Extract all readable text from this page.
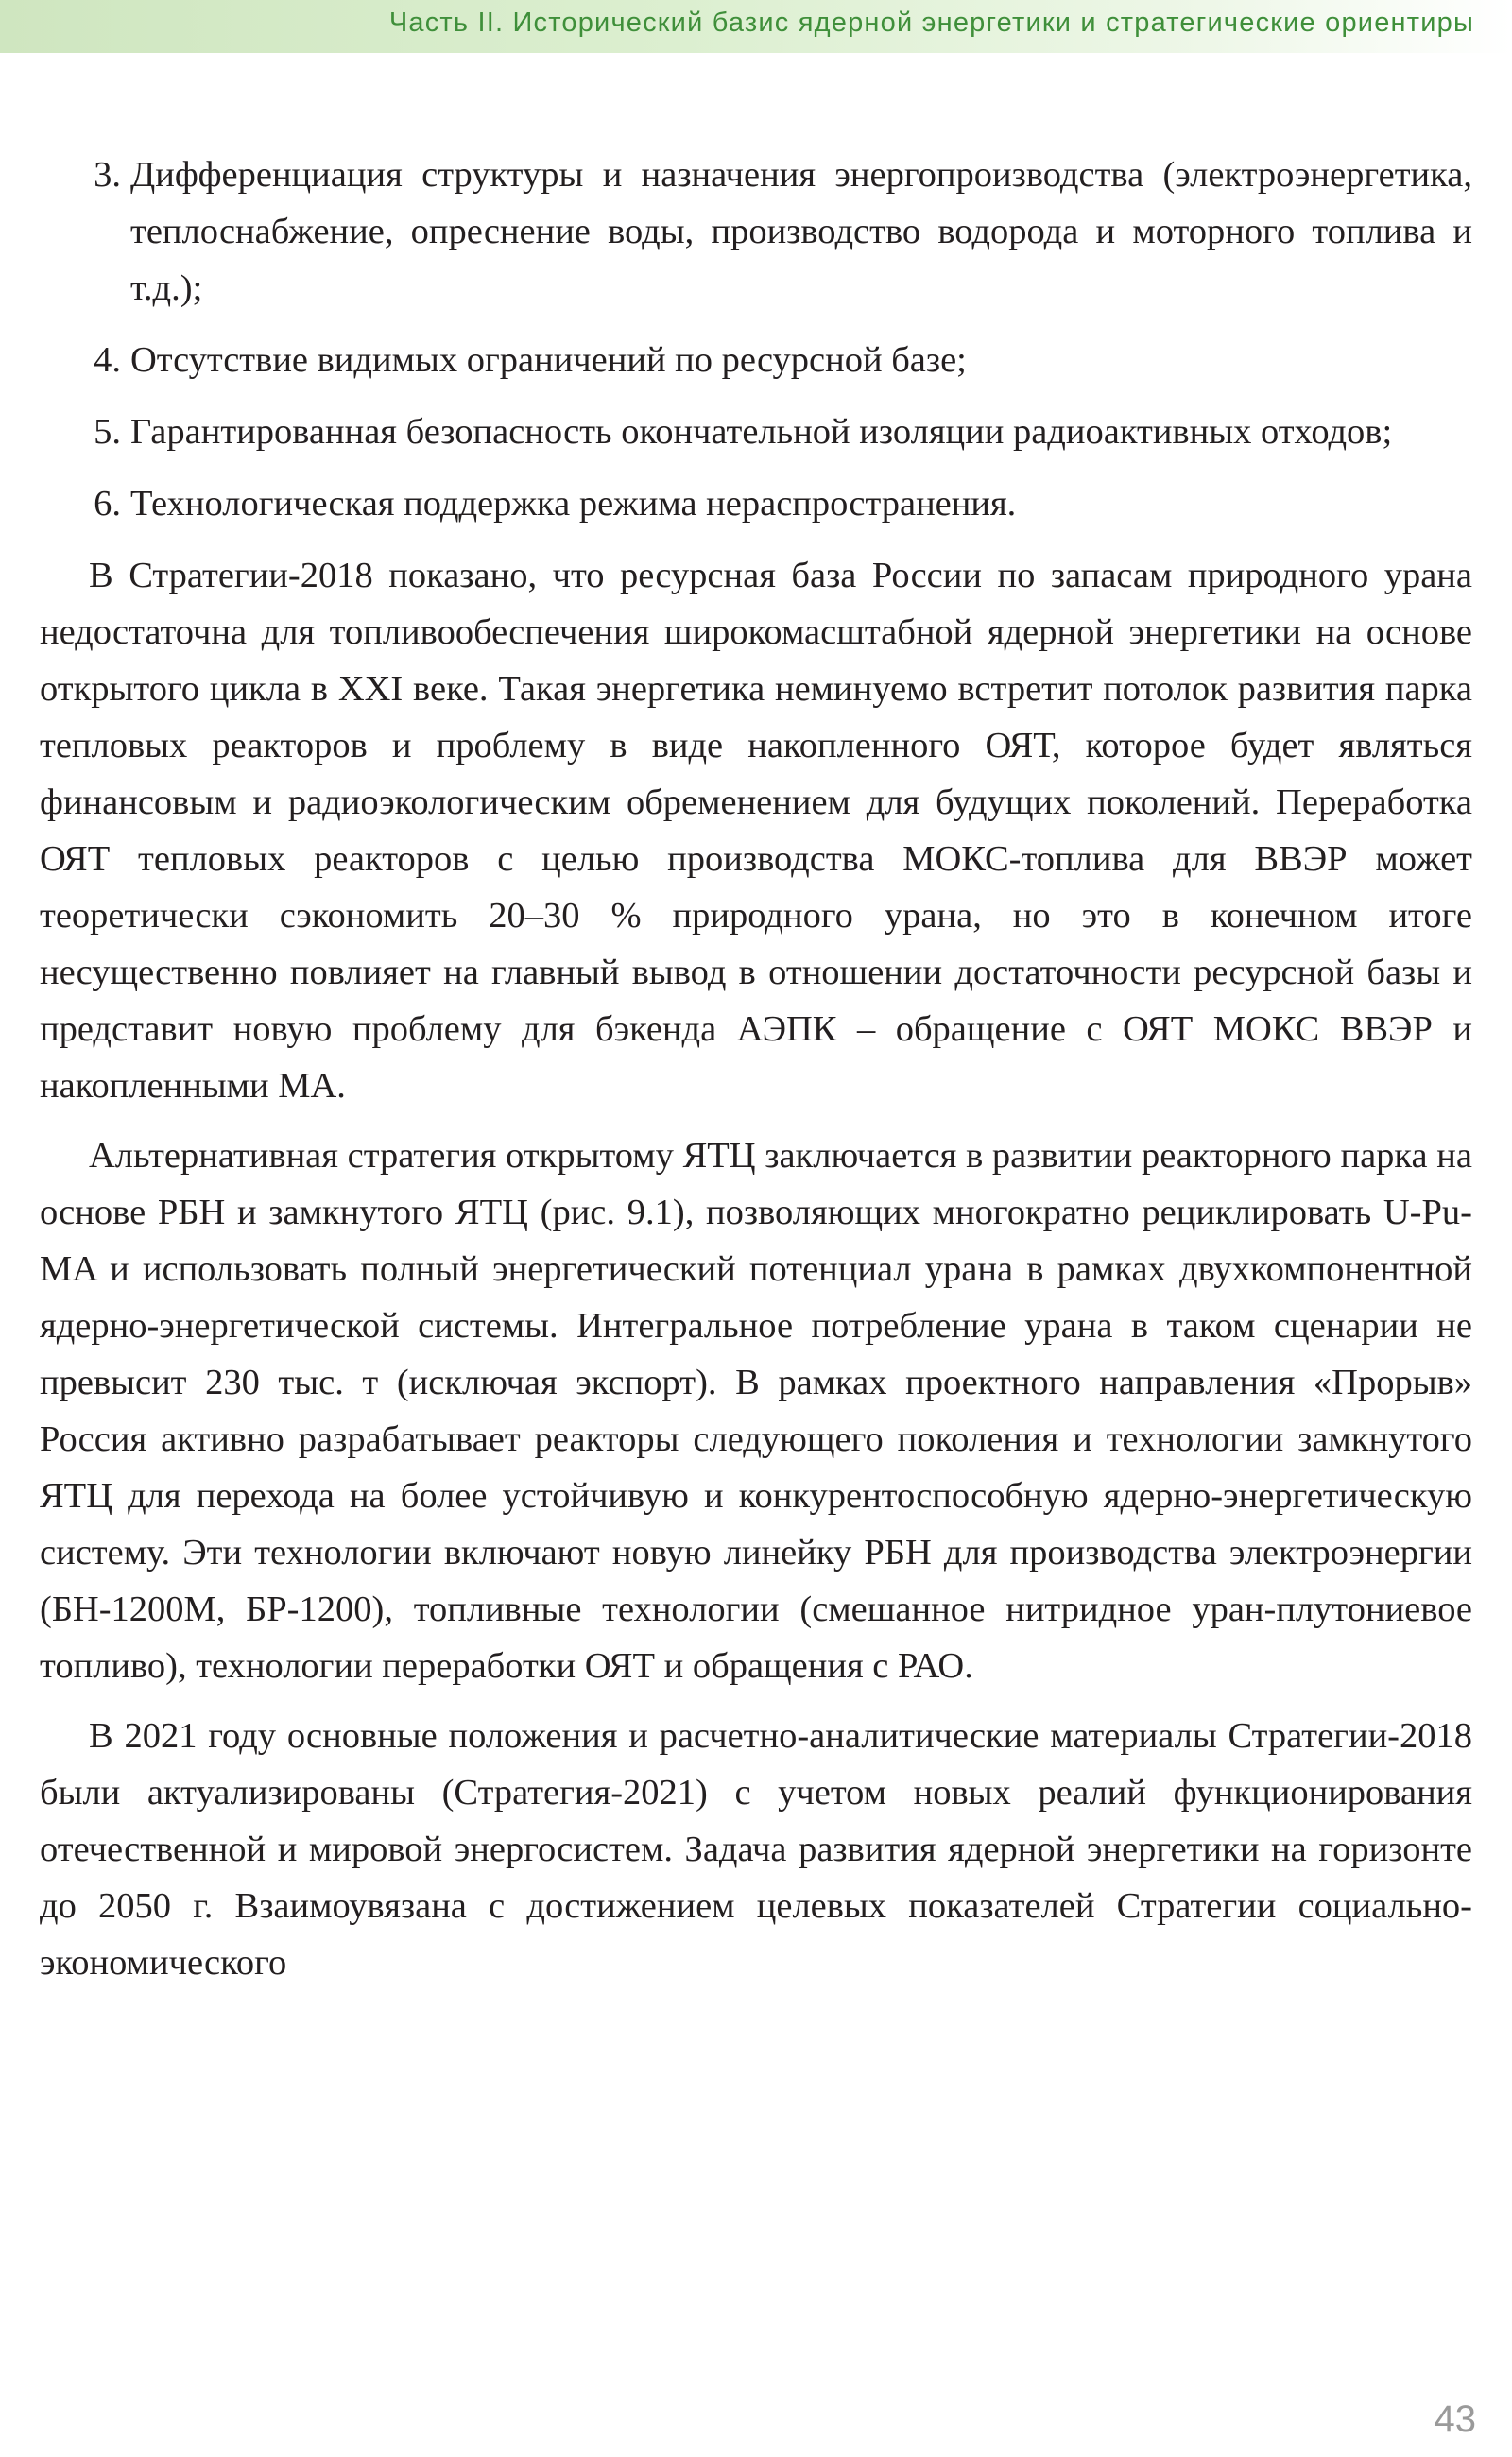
Часть II. Исторический базис ядерной энергетики и стратегические ориентиры
3. Дифференциация структуры и назначения энергопроизводства (электроэнергетика, теплоснабжение, опреснение воды, производство водорода и моторного топлива и т.д.);
4. Отсутствие видимых ограничений по ресурсной базе;
5. Гарантированная безопасность окончательной изоляции радиоактивных отходов;
6. Технологическая поддержка режима нераспространения.

В Стратегии-2018 показано, что ресурсная база России по запасам природного урана недостаточна для топливообеспечения широкомасштабной ядерной энергетики на основе открытого цикла в XXI веке. Такая энергетика неминуемо встретит потолок развития парка тепловых реакторов и проблему в виде накопленного ОЯТ, которое будет являться финансовым и радиоэкологическим обременением для будущих поколений. Переработка ОЯТ тепловых реакторов с целью производства МОКС-топлива для ВВЭР может теоретически сэкономить 20–30 % природного урана, но это в конечном итоге несущественно повлияет на главный вывод в отношении достаточности ресурсной базы и представит новую проблему для бэкенда АЭПК – обращение с ОЯТ МОКС ВВЭР и накопленными МА.

Альтернативная стратегия открытому ЯТЦ заключается в развитии реакторного парка на основе РБН и замкнутого ЯТЦ (рис. 9.1), позволяющих многократно рециклировать U-Pu-MA и использовать полный энергетический потенциал урана в рамках двухкомпонентной ядерно-энергетической системы. Интегральное потребление урана в таком сценарии не превысит 230 тыс. т (исключая экспорт). В рамках проектного направления «Прорыв» Россия активно разрабатывает реакторы следующего поколения и технологии замкнутого ЯТЦ для перехода на более устойчивую и конкурентоспособную ядерно-энергетическую систему. Эти технологии включают новую линейку РБН для производства электроэнергии (БН-1200М, БР-1200), топливные технологии (смешанное нитридное уран-плутониевое топливо), технологии переработки ОЯТ и обращения с РАО.

В 2021 году основные положения и расчетно-аналитические материалы Стратегии-2018 были актуализированы (Стратегия-2021) с учетом новых реалий функционирования отечественной и мировой энергосистем. Задача развития ядерной энергетики на горизонте до 2050 г. Взаимоувязана с достижением целевых показателей Стратегии социально-экономического

43
